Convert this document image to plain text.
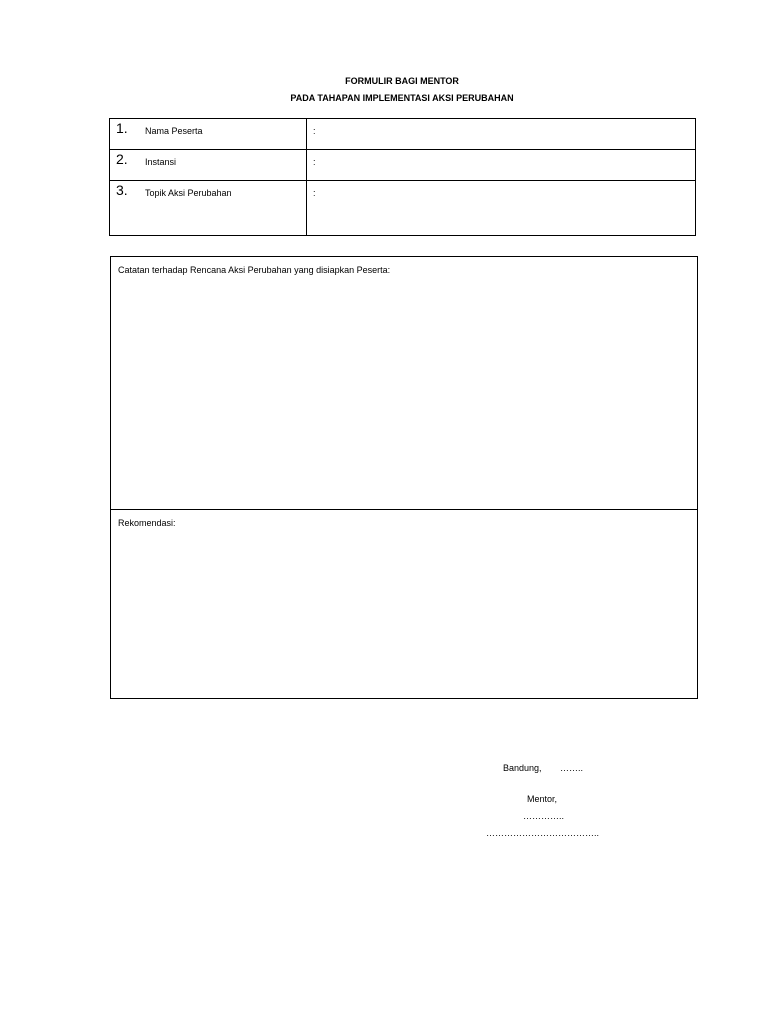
FORMULIR BAGI MENTOR
PADA TAHAPAN IMPLEMENTASI AKSI PERUBAHAN
1. Nama Peserta	:

2. Instansi	:

3. Topik Aksi Perubahan	:
Catatan terhadap Rencana Aksi Perubahan yang disiapkan Peserta:
Rekomendasi:
Bandung, ……..
Mentor,
…………..
………………………………..
